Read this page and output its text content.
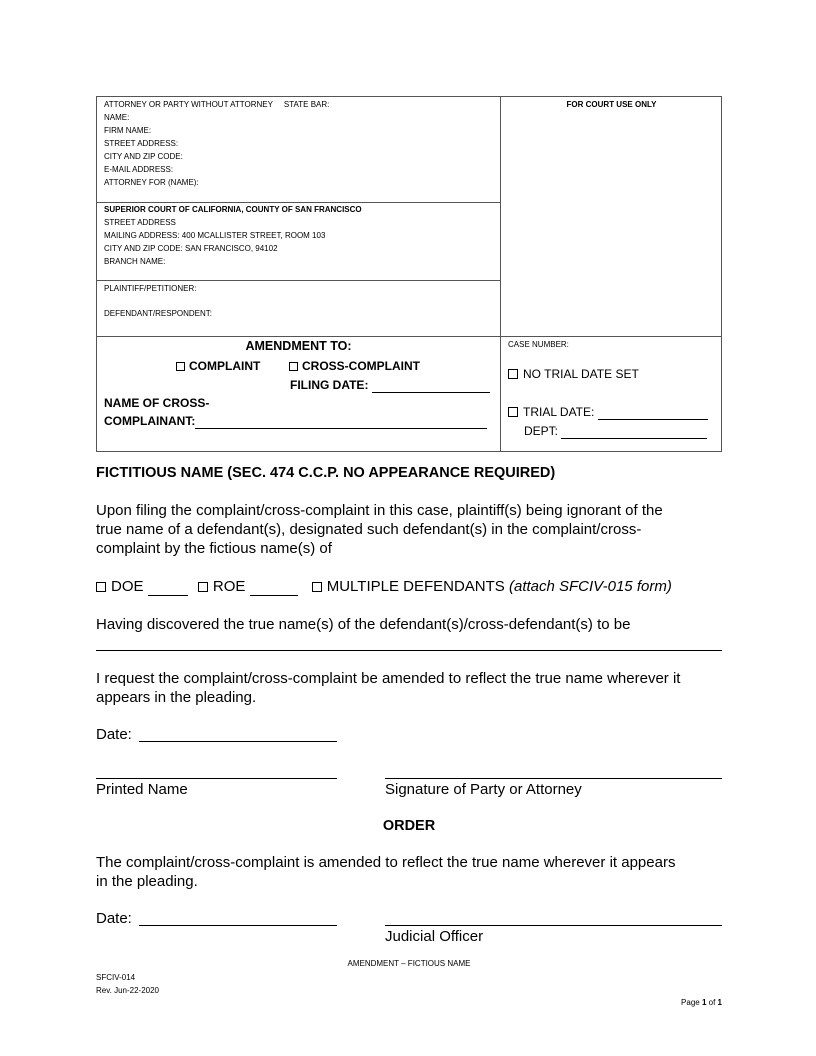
ATTORNEY OR PARTY WITHOUT ATTORNEY     STATE BAR:
NAME:
FIRM NAME:
STREET ADDRESS:
CITY AND ZIP CODE:
E-MAIL ADDRESS:
ATTORNEY FOR (NAME):
SUPERIOR COURT OF CALIFORNIA, COUNTY OF SAN FRANCISCO
STREET ADDRESS
MAILING ADDRESS: 400 MCALLISTER STREET, ROOM 103
CITY AND ZIP CODE: SAN FRANCISCO, 94102
BRANCH NAME:
PLAINTIFF/PETITIONER:
DEFENDANT/RESPONDENT:
FOR COURT USE ONLY
AMENDMENT TO:
COMPLAINT	CROSS-COMPLAINT
FILING DATE:
NAME OF CROSS-
COMPLAINANT:
CASE NUMBER:
NO TRIAL DATE SET
TRIAL DATE:
DEPT:
FICTITIOUS NAME (SEC. 474 C.C.P. NO APPEARANCE REQUIRED)
Upon filing the complaint/cross-complaint in this case, plaintiff(s) being ignorant of the
true name of a defendant(s), designated such defendant(s) in the complaint/cross-
complaint by the fictious name(s) of
DOE	ROE	MULTIPLE DEFENDANTS (attach SFCIV-015 form)
Having discovered the true name(s) of the defendant(s)/cross-defendant(s) to be
I request the complaint/cross-complaint be amended to reflect the true name wherever it
appears in the pleading.
Date:
Printed Name	Signature of Party or Attorney
ORDER
The complaint/cross-complaint is amended to reflect the true name wherever it appears
in the pleading.
Date:
Judicial Officer
AMENDMENT – FICTIOUS NAME
SFCIV-014
Rev. Jun-22-2020
Page 1 of 1
